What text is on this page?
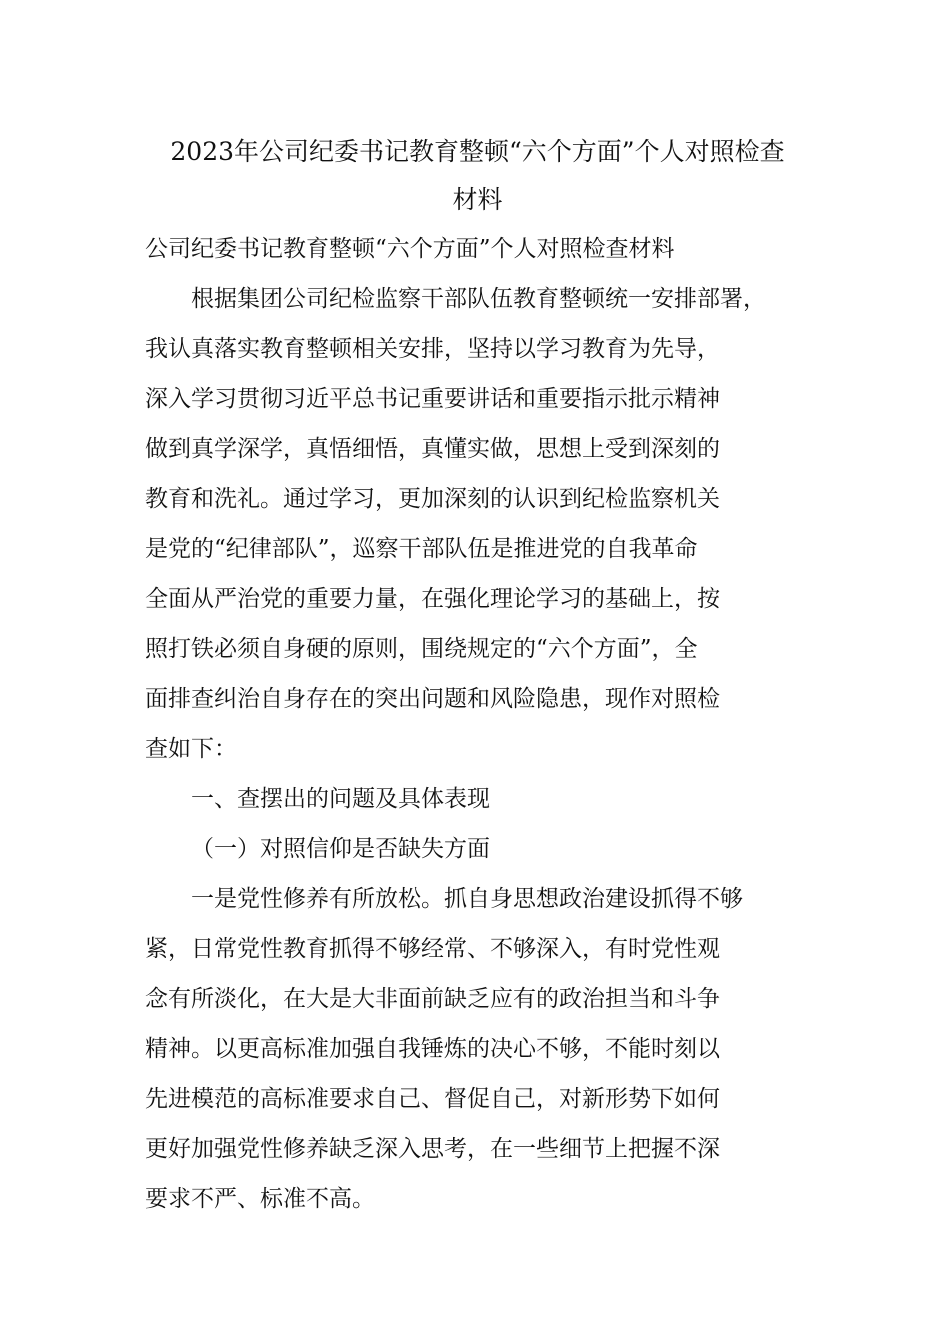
2023年公司纪委书记教育整顿“六个方面”个人对照检查
材料
公司纪委书记教育整顿“六个方面”个人对照检查材料
根据集团公司纪检监察干部队伍教育整顿统一安排部署，
我认真落实教育整顿相关安排，坚持以学习教育为先导，
深入学习贯彻习近平总书记重要讲话和重要指示批示精神
做到真学深学，真悟细悟，真懂实做，思想上受到深刻的
教育和洗礼。通过学习，更加深刻的认识到纪检监察机关
是党的“纪律部队”，巡察干部队伍是推进党的自我革命
全面从严治党的重要力量，在强化理论学习的基础上，按
照打铁必须自身硬的原则，围绕规定的“六个方面”，全
面排查纠治自身存在的突出问题和风险隐患，现作对照检
查如下：
一、查摆出的问题及具体表现
（一）对照信仰是否缺失方面
一是党性修养有所放松。抓自身思想政治建设抓得不够
紧，日常党性教育抓得不够经常、不够深入，有时党性观
念有所淡化，在大是大非面前缺乏应有的政治担当和斗争
精神。以更高标准加强自我锤炼的决心不够，不能时刻以
先进模范的高标准要求自己、督促自己，对新形势下如何
更好加强党性修养缺乏深入思考，在一些细节上把握不深
要求不严、标准不高。
